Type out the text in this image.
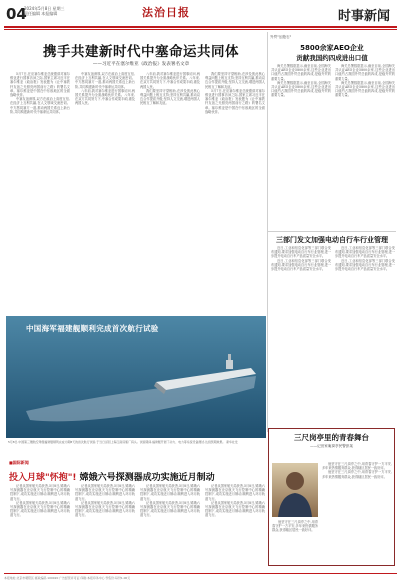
04
2024年5月8日 星期三
责任编辑 本报编辑	法治日报	时事新闻
携手共建新时代中塞命运共同体
——习近平在塞尔维亚《政治报》发表署名文章

5月7日,在应塞尔维亚总统邀请对塞尔维亚进行国事访问之际,国家主席习近平在塞尔维亚《政治报》发表题为《让中塞铁杆友谊之光照亮两国前行之路》的署名文章。塞尔维亚是中国在中东欧地区的全面战略伙伴。

中塞友谊深厚,双方在政治上高度互信,在经济上互利共赢,在人文领域交流密切。中方愿同塞方一道,推动两国关系迈上新台阶,共同构建新时代中塞命运共同体。

中塞友谊深厚,双方在政治上高度互信,在经济上互利共赢,在人文领域交流密切。中方愿同塞方一道,推动两国关系迈上新台阶,共同构建新时代中塞命运共同体。

八年前,我对塞尔维亚进行国事访问,两国关系提升为全面战略伙伴关系。八年来,在双方共同努力下,中塞合作成果丰硕,惠及两国人民。

八年前,我对塞尔维亚进行国事访问,两国关系提升为全面战略伙伴关系。八年来,在双方共同努力下,中塞合作成果丰硕,惠及两国人民。

我们要坚持守望相助,在涉及彼此核心利益问题上相互支持;坚持互利共赢,推动双边合作提质升级;坚持人文交流,增进两国人民相互了解和友谊。

我们要坚持守望相助,在涉及彼此核心利益问题上相互支持;坚持互利共赢,推动双边合作提质升级;坚持人文交流,增进两国人民相互了解和友谊。

5月7日,在应塞尔维亚总统邀请对塞尔维亚进行国事访问之际,国家主席习近平在塞尔维亚《政治报》发表题为《让中塞铁杆友谊之光照亮两国前行之路》的署名文章。塞尔维亚是中国在中东欧地区的全面战略伙伴。

外贸"压舱石"
5800余家AEO企业
贡献我国约四成进出口值

海关总署数据显示,截至目前,全国海关共认证AEO企业5800余家,这些企业进出口值约占我国外贸总值的四成,是稳外贸的重要力量。

海关总署数据显示,截至目前,全国海关共认证AEO企业5800余家,这些企业进出口值约占我国外贸总值的四成,是稳外贸的重要力量。

海关总署数据显示,截至目前,全国海关共认证AEO企业5800余家,这些企业进出口值约占我国外贸总值的四成,是稳外贸的重要力量。

海关总署数据显示,截至目前,全国海关共认证AEO企业5800余家,这些企业进出口值约占我国外贸总值的四成,是稳外贸的重要力量。

三部门发文加强电动自行车行业管理

近日,工业和信息化部等三部门联合发布通知,要求加强电动自行车行业管理,进一步提升电动自行车产品质量安全水平。

近日,工业和信息化部等三部门联合发布通知,要求加强电动自行车行业管理,进一步提升电动自行车产品质量安全水平。

近日,工业和信息化部等三部门联合发布通知,要求加强电动自行车行业管理,进一步提升电动自行车产品质量安全水平。

近日,工业和信息化部等三部门联合发布通知,要求加强电动自行车行业管理,进一步提升电动自行车产品质量安全水平。

中国海军福建舰顺利完成首次航行试验
5月8日,中国第三艘航空母舰福建舰顺利完成为期8天的首次航行试验,于当日返回上海江南造船厂码头。试验期间,福建舰开展了动力、电力等系统设备测试,达到预期效果。 新华社发	三尺岗亭里的青春舞台
——记田家庵岗亭民警彭某

他坚守在三尺岗亭之中,用青春守护一方平安,多年来热情服务群众,获得辖区居民一致好评。

他坚守在三尺岗亭之中,用青春守护一方平安,多年来热情服务群众,获得辖区居民一致好评。

他坚守在三尺岗亭之中,用青春守护一方平安,多年来热情服务群众,获得辖区居民一致好评。

■国际新闻
投入月球"怀抱"! 嫦娥六号探测器成功实施近月制动

记者从国家航天局获悉,5月8日,嫦娥六号探测器在北京航天飞行控制中心的精确控制下,成功实施近月制动,顺利进入环月轨道飞行。

记者从国家航天局获悉,5月8日,嫦娥六号探测器在北京航天飞行控制中心的精确控制下,成功实施近月制动,顺利进入环月轨道飞行。

记者从国家航天局获悉,5月8日,嫦娥六号探测器在北京航天飞行控制中心的精确控制下,成功实施近月制动,顺利进入环月轨道飞行。

记者从国家航天局获悉,5月8日,嫦娥六号探测器在北京航天飞行控制中心的精确控制下,成功实施近月制动,顺利进入环月轨道飞行。

记者从国家航天局获悉,5月8日,嫦娥六号探测器在北京航天飞行控制中心的精确控制下,成功实施近月制动,顺利进入环月轨道飞行。

记者从国家航天局获悉,5月8日,嫦娥六号探测器在北京航天飞行控制中心的精确控制下,成功实施近月制动,顺利进入环月轨道飞行。

记者从国家航天局获悉,5月8日,嫦娥六号探测器在北京航天飞行控制中心的精确控制下,成功实施近月制动,顺利进入环月轨道飞行。

记者从国家航天局获悉,5月8日,嫦娥六号探测器在北京航天飞行控制中心的精确控制下,成功实施近月制动,顺利进入环月轨道飞行。

本报地址:北京市朝阳区 邮政编码 100020 广告经营许可证 印刷:本报印务中心 零售价:每份1.00元
